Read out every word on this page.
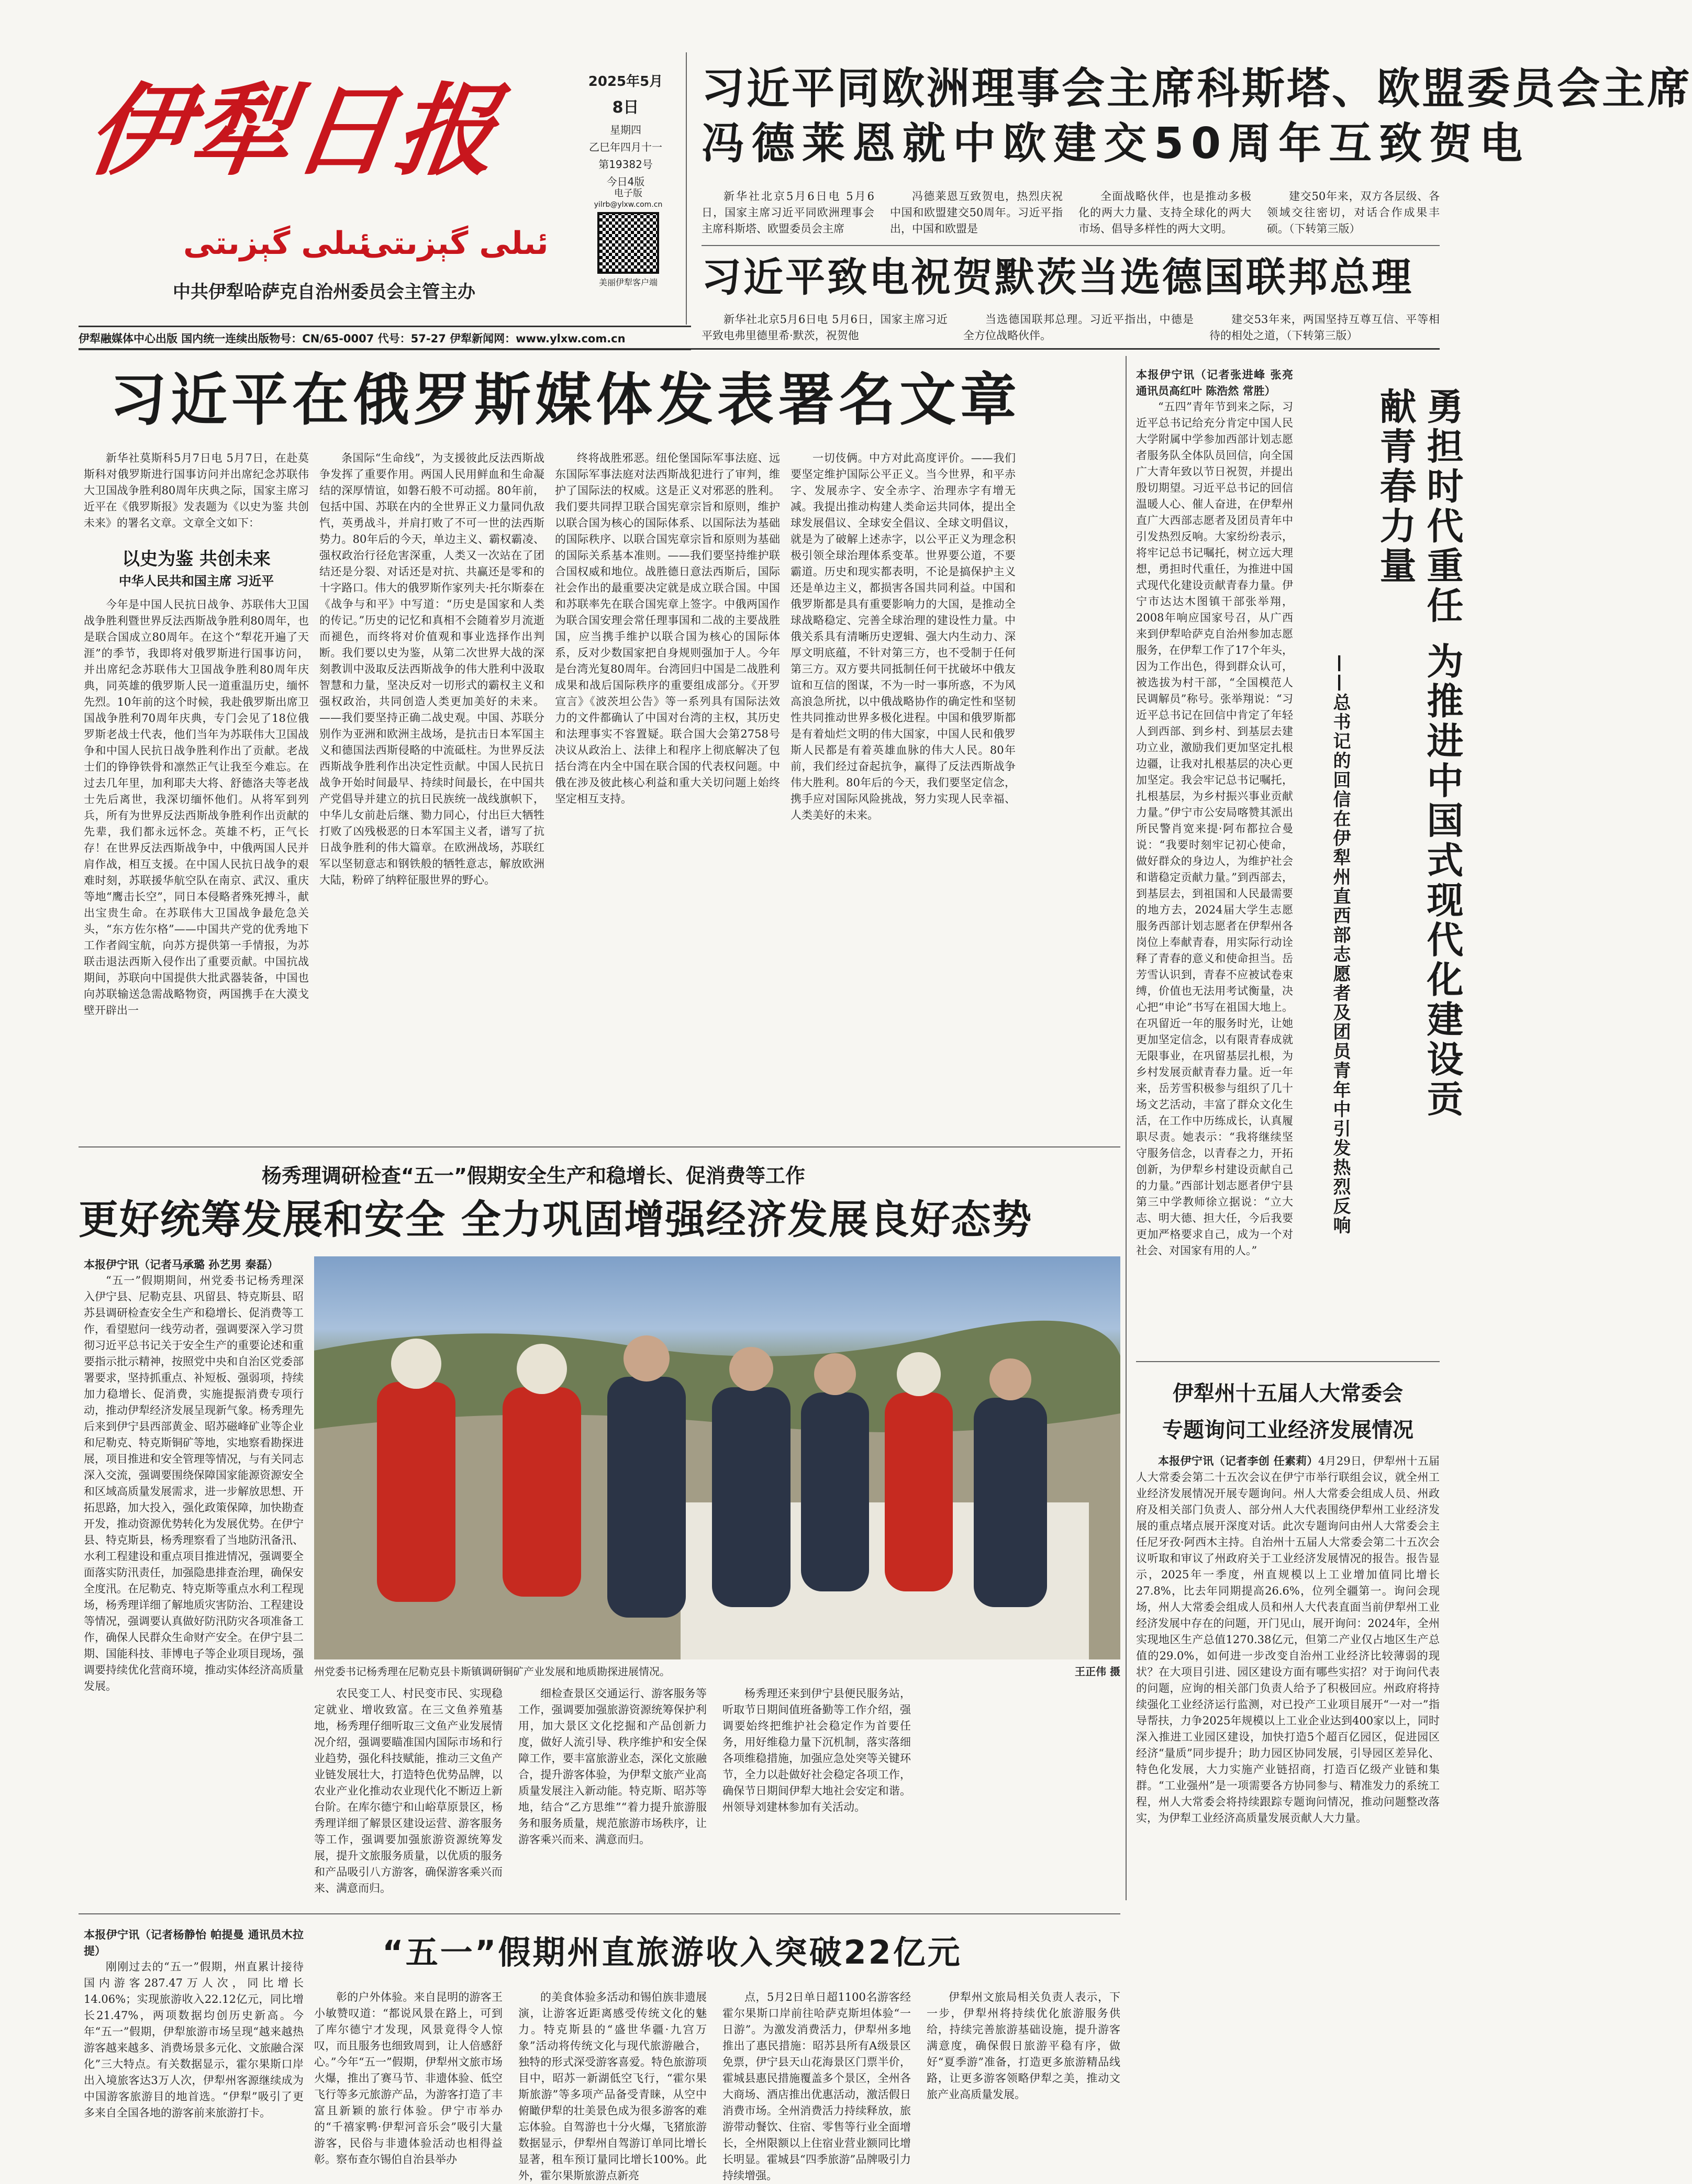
伊犁日报
ئىلى گېزىتى
ئىلى گېزىتى
中共伊犁哈萨克自治州委员会主管主办
2025年5月
8日
星期四
乙巳年四月十一
第19382号
今日4版
电子版
yilrb@ylxw.com.cn
美丽伊犁客户端
习近平同欧洲理事会主席科斯塔、欧盟委员会主席
冯德莱恩就中欧建交50周年互致贺电

新华社北京5月6日电 5月6日，国家主席习近平同欧洲理事会主席科斯塔、欧盟委员会主席

冯德莱恩互致贺电，热烈庆祝中国和欧盟建交50周年。习近平指出，中国和欧盟是

全面战略伙伴，也是推动多极化的两大力量、支持全球化的两大市场、倡导多样性的两大文明。

建交50年来，双方各层级、各领域交往密切，对话合作成果丰硕。（下转第三版）

习近平致电祝贺默茨当选德国联邦总理

新华社北京5月6日电 5月6日，国家主席习近平致电弗里德里希·默茨，祝贺他

当选德国联邦总理。习近平指出，中德是全方位战略伙伴。

建交53年来，两国坚持互尊互信、平等相待的相处之道，（下转第三版）

伊犁融媒体中心出版 国内统一连续出版物号：CN/65-0007 代号：57-27 伊犁新闻网：www.ylxw.com.cn
习近平在俄罗斯媒体发表署名文章

新华社莫斯科5月7日电 5月7日，在赴莫斯科对俄罗斯进行国事访问并出席纪念苏联伟大卫国战争胜利80周年庆典之际，国家主席习近平在《俄罗斯报》发表题为《以史为鉴 共创未来》的署名文章。文章全文如下：

以史为鉴 共创未来
中华人民共和国主席 习近平

今年是中国人民抗日战争、苏联伟大卫国战争胜利暨世界反法西斯战争胜利80周年，也是联合国成立80周年。在这个“犁花开遍了天涯”的季节，我即将对俄罗斯进行国事访问，并出席纪念苏联伟大卫国战争胜利80周年庆典，同英雄的俄罗斯人民一道重温历史，缅怀先烈。10年前的这个时候，我赴俄罗斯出席卫国战争胜利70周年庆典，专门会见了18位俄罗斯老战士代表，他们当年为苏联伟大卫国战争和中国人民抗日战争胜利作出了贡献。老战士们的铮铮铁骨和凛然正气让我至今难忘。在过去几年里，加利耶夫大将、舒德洛夫等老战士先后离世，我深切缅怀他们。从将军到列兵，所有为世界反法西斯战争胜利作出贡献的先辈，我们都永远怀念。英雄不朽，正气长存！在世界反法西斯战争中，中俄两国人民并肩作战，相互支援。在中国人民抗日战争的艰难时刻，苏联援华航空队在南京、武汉、重庆等地“鹰击长空”，同日本侵略者殊死搏斗，献出宝贵生命。在苏联伟大卫国战争最危急关头，“东方佐尔格”——中国共产党的优秀地下工作者阎宝航，向苏方提供第一手情报，为苏联击退法西斯入侵作出了重要贡献。中国抗战期间，苏联向中国提供大批武器装备，中国也向苏联输送急需战略物资，两国携手在大漠戈壁开辟出一

条国际“生命线”，为支援彼此反法西斯战争发挥了重要作用。两国人民用鲜血和生命凝结的深厚情谊，如磐石般不可动摇。80年前，包括中国、苏联在内的全世界正义力量同仇敌忾，英勇战斗，并肩打败了不可一世的法西斯势力。80年后的今天，单边主义、霸权霸凌、强权政治行径危害深重，人类又一次站在了团结还是分裂、对话还是对抗、共赢还是零和的十字路口。伟大的俄罗斯作家列夫·托尔斯泰在《战争与和平》中写道：“历史是国家和人类的传记。”历史的记忆和真相不会随着岁月流逝而褪色，而终将对价值观和事业选择作出判断。我们要以史为鉴，从第二次世界大战的深刻教训中汲取反法西斯战争的伟大胜利中汲取智慧和力量，坚决反对一切形式的霸权主义和强权政治，共同创造人类更加美好的未来。——我们要坚持正确二战史观。中国、苏联分别作为亚洲和欧洲主战场，是抗击日本军国主义和德国法西斯侵略的中流砥柱。为世界反法西斯战争胜利作出决定性贡献。中国人民抗日战争开始时间最早、持续时间最长，在中国共产党倡导并建立的抗日民族统一战线旗帜下，中华儿女前赴后继、勠力同心，付出巨大牺牲打败了凶残极恶的日本军国主义者，谱写了抗日战争胜利的伟大篇章。在欧洲战场，苏联红军以坚韧意志和钢铁般的牺牲意志，解放欧洲大陆，粉碎了纳粹征服世界的野心。

终将战胜邪恶。纽伦堡国际军事法庭、远东国际军事法庭对法西斯战犯进行了审判，维护了国际法的权威。这是正义对邪恶的胜利。我们要共同捍卫联合国宪章宗旨和原则，维护以联合国为核心的国际体系、以国际法为基础的国际秩序、以联合国宪章宗旨和原则为基础的国际关系基本准则。——我们要坚持维护联合国权威和地位。战胜德日意法西斯后，国际社会作出的最重要决定就是成立联合国。中国和苏联率先在联合国宪章上签字。中俄两国作为联合国安理会常任理事国和二战的主要战胜国，应当携手维护以联合国为核心的国际体系，反对少数国家把自身规则强加于人。今年是台湾光复80周年。台湾回归中国是二战胜利成果和战后国际秩序的重要组成部分。《开罗宣言》《波茨坦公告》等一系列具有国际法效力的文件都确认了中国对台湾的主权，其历史和法理事实不容置疑。联合国大会第2758号决议从政治上、法律上和程序上彻底解决了包括台湾在内全中国在联合国的代表权问题。中俄在涉及彼此核心利益和重大关切问题上始终坚定相互支持。

一切伎俩。中方对此高度评价。——我们要坚定维护国际公平正义。当今世界，和平赤字、发展赤字、安全赤字、治理赤字有增无减。我提出推动构建人类命运共同体，提出全球发展倡议、全球安全倡议、全球文明倡议，就是为了破解上述赤字，以公平正义为理念积极引领全球治理体系变革。世界要公道，不要霸道。历史和现实都表明，不论是搞保护主义还是单边主义，都损害各国共同利益。中国和俄罗斯都是具有重要影响力的大国，是推动全球战略稳定、完善全球治理的建设性力量。中俄关系具有清晰历史逻辑、强大内生动力、深厚文明底蕴，不针对第三方，也不受制于任何第三方。双方要共同抵制任何干扰破坏中俄友谊和互信的图谋，不为一时一事所惑，不为风高浪急所扰，以中俄战略协作的确定性和坚韧性共同推动世界多极化进程。中国和俄罗斯都是有着灿烂文明的伟大国家，中国人民和俄罗斯人民都是有着英雄血脉的伟大人民。80年前，我们经过奋起抗争，赢得了反法西斯战争伟大胜利。80年后的今天，我们要坚定信念，携手应对国际风险挑战，努力实现人民幸福、人类美好的未来。

本报伊宁讯（记者张进峰 张亮 通讯员高红叶 陈浩然 常胜）

“五四”青年节到来之际，习近平总书记给充分肯定中国人民大学附属中学参加西部计划志愿者服务队全体队员回信，向全国广大青年致以节日祝贺，并提出殷切期望。习近平总书记的回信温暖人心、催人奋进，在伊犁州直广大西部志愿者及团员青年中引发热烈反响。大家纷纷表示，将牢记总书记嘱托，树立远大理想，勇担时代重任，为推进中国式现代化建设贡献青春力量。伊宁市达达木图镇干部张举翔，2008年响应国家号召，从广西来到伊犁哈萨克自治州参加志愿服务，在伊犁工作了17个年头，因为工作出色，得到群众认可，被选拔为村干部，“全国模范人民调解员”称号。张举翔说：“习近平总书记在回信中肯定了年轻人到西部、到乡村、到基层去建功立业，激励我们更加坚定扎根边疆，让我对扎根基层的决心更加坚定。我会牢记总书记嘱托，扎根基层，为乡村振兴事业贡献力量。”伊宁市公安局喀赞其派出所民警肖宽来提·阿布都拉合曼说：“我要时刻牢记初心使命，做好群众的身边人，为维护社会和谐稳定贡献力量。”到西部去，到基层去，到祖国和人民最需要的地方去，2024届大学生志愿服务西部计划志愿者在伊犁州各岗位上奉献青春，用实际行动诠释了青春的意义和使命担当。岳芳雪认识到，青春不应被试卷束缚，价值也无法用考试衡量，决心把“申论”书写在祖国大地上。在巩留近一年的服务时光，让她更加坚定信念，以有限青春成就无限事业，在巩留基层扎根，为乡村发展贡献青春力量。近一年来，岳芳雪积极参与组织了几十场文艺活动，丰富了群众文化生活，在工作中历练成长，认真履职尽责。她表示：“我将继续坚守服务信念，以青春之力，开拓创新，为伊犁乡村建设贡献自己的力量。”西部计划志愿者伊宁县第三中学教师徐立据说：“立大志、明大德、担大任，今后我要更加严格要求自己，成为一个对社会、对国家有用的人。”

勇担时代重任 为推进中国式现代化建设贡献青春力量
——总书记的回信在伊犁州直西部志愿者及团员青年中引发热烈反响
伊犁州十五届人大常委会
专题询问工业经济发展情况

本报伊宁讯（记者李创 任素莉）4月29日，伊犁州十五届人大常委会第二十五次会议在伊宁市举行联组会议，就全州工业经济发展情况开展专题询问。州人大常委会组成人员、州政府及相关部门负责人、部分州人大代表围绕伊犁州工业经济发展的重点堵点展开深度对话。此次专题询问由州人大常委会主任尼牙孜·阿西木主持。自治州十五届人大常委会第二十五次会议听取和审议了州政府关于工业经济发展情况的报告。报告显示，2025年一季度，州直规模以上工业增加值同比增长27.8%，比去年同期提高26.6%，位列全疆第一。询问会现场，州人大常委会组成人员和州人大代表直面当前伊犁州工业经济发展中存在的问题，开门见山，展开询问：2024年，全州实现地区生产总值1270.38亿元，但第二产业仅占地区生产总值的29.0%，如何进一步改变自治州工业经济比较薄弱的现状？在大项目引进、园区建设方面有哪些实招？对于询问代表的问题，应询的相关部门负责人给予了积极回应。州政府将持续强化工业经济运行监测，对已投产工业项目展开“一对一”指导帮扶，力争2025年规模以上工业企业达到400家以上，同时深入推进工业园区建设，加快打造5个超百亿园区，促进园区经济“量质”同步提升；助力园区协同发展，引导园区差异化、特色化发展，大力实施产业链招商，打造百亿级产业链和集群。“工业强州”是一项需要各方协同参与、精准发力的系统工程，州人大常委会将持续跟踪专题询问情况，推动问题整改落实，为伊犁工业经济高质量发展贡献人大力量。

杨秀理调研检查“五一”假期安全生产和稳增长、促消费等工作
更好统筹发展和安全 全力巩固增强经济发展良好态势

本报伊宁讯（记者马承璐 孙艺男 秦磊）

“五一”假期期间，州党委书记杨秀理深入伊宁县、尼勒克县、巩留县、特克斯县、昭苏县调研检查安全生产和稳增长、促消费等工作，看望慰问一线劳动者，强调要深入学习贯彻习近平总书记关于安全生产的重要论述和重要指示批示精神，按照党中央和自治区党委部署要求，坚持抓重点、补短板、强弱项，持续加力稳增长、促消费，实施提振消费专项行动，推动伊犁经济发展呈现新气象。杨秀理先后来到伊宁县西部黄金、昭苏磁峰矿业等企业和尼勒克、特克斯铜矿等地，实地察看勘探进展，项目推进和安全管理等情况，与有关同志深入交流，强调要围绕保障国家能源资源安全和区域高质量发展需求，进一步解放思想、开拓思路，加大投入，强化政策保障，加快勘查开发，推动资源优势转化为发展优势。在伊宁县、特克斯县，杨秀理察看了当地防汛备汛、水利工程建设和重点项目推进情况，强调要全面落实防汛责任，加强隐患排查治理，确保安全度汛。在尼勒克、特克斯等重点水利工程现场，杨秀理详细了解地质灾害防治、工程建设等情况，强调要认真做好防汛防灾各项准备工作，确保人民群众生命财产安全。在伊宁县二期、国能科技、菲博电子等企业项目现场，强调要持续优化营商环境，推动实体经济高质量发展。

州党委书记杨秀理在尼勒克县卡斯镇调研铜矿产业发展和地质勘探进展情况。	王正伟 摄

农民变工人、村民变市民、实现稳定就业、增收致富。在三文鱼养殖基地，杨秀理仔细听取三文鱼产业发展情况介绍，强调要瞄准国内国际市场和行业趋势，强化科技赋能，推动三文鱼产业链发展壮大，打造特色优势品牌，以农业产业化推动农业现代化不断迈上新台阶。在库尔德宁和山峪草原景区，杨秀理详细了解景区建设运营、游客服务等工作，强调要加强旅游资源统筹发展，提升文旅服务质量，以优质的服务和产品吸引八方游客，确保游客乘兴而来、满意而归。

细检查景区交通运行、游客服务等工作，强调要加强旅游资源统筹保护利用，加大景区文化挖掘和产品创新力度，做好人流引导、秩序维护和安全保障工作，要丰富旅游业态，深化文旅融合，提升游客体验，为伊犁文旅产业高质量发展注入新动能。特克斯、昭苏等地，结合“乙方思维”“着力提升旅游服务和服务质量，规范旅游市场秩序，让游客乘兴而来、满意而归。

杨秀理还来到伊宁县便民服务站，听取节日期间值班备勤等工作介绍，强调要始终把维护社会稳定作为首要任务，用好维稳力量下沉机制，落实落细各项维稳措施，加强应急处突等关键环节，全力以赴做好社会稳定各项工作，确保节日期间伊犁大地社会安定和谐。州领导刘建林参加有关活动。

本报伊宁讯（记者杨静怡 帕提曼 通讯员木拉提）

刚刚过去的“五一”假期，州直累计接待国内游客287.47万人次，同比增长14.06%；实现旅游收入22.12亿元，同比增长21.47%，两项数据均创历史新高。今年“五一”假期，伊犁旅游市场呈现“越来越热游客越来越多、消费场景多元化、文旅融合深化”三大特点。有关数据显示，霍尔果斯口岸出入境旅客达3万人次，伊犁州客源继续成为中国游客旅游目的地首选。“伊犁”吸引了更多来自全国各地的游客前来旅游打卡。

“五一”假期州直旅游收入突破22亿元

彰的户外体验。来自昆明的游客王小敏赞叹道：“都说风景在路上，可到了库尔德宁才发现，风景竟得令人惊叹，而且服务也细致周到，让人倍感舒心。”今年“五一”假期，伊犁州文旅市场火爆，推出了赛马节、非遗体验、低空飞行等多元旅游产品，为游客打造了丰富且新颖的旅行体验。伊宁市举办的“千禧家鸭·伊犁河音乐会”吸引大量游客，民俗与非遗体验活动也相得益彰。察布查尔锡伯自治县举办

的美食体验多活动和锡伯族非遗展演，让游客近距离感受传统文化的魅力。特克斯县的“盛世华疆·九宫万象”活动将传统文化与现代旅游融合，独特的形式深受游客喜爱。特色旅游项目中，昭苏一新湖低空飞行，“霍尔果斯旅游”等多项产品备受青睐，从空中俯瞰伊犁的壮美景色成为很多游客的难忘体验。自驾游也十分火爆，飞猪旅游数据显示，伊犁州自驾游订单同比增长显著，租车预订量同比增长100%。此外，霍尔果斯旅游点新亮

点，5月2日单日超1100名游客经霍尔果斯口岸前往哈萨克斯坦体验“一日游”。为激发消费活力，伊犁州多地推出了惠民措施：昭苏县所有A级景区免票，伊宁县天山花海景区门票半价，霍城县惠民措施覆盖多个景区，全州各大商场、酒店推出优惠活动，激活假日消费市场。全州消费活力持续释放，旅游带动餐饮、住宿、零售等行业全面增长，全州限额以上住宿业营业额同比增长明显。霍城县“四季旅游”品牌吸引力持续增强。

伊犁州文旅局相关负责人表示，下一步，伊犁州将持续优化旅游服务供给，持续完善旅游基础设施，提升游客满意度，确保假日旅游平稳有序，做好“夏季游”准备，打造更多旅游精品线路，让更多游客领略伊犁之美，推动文旅产业高质量发展。
